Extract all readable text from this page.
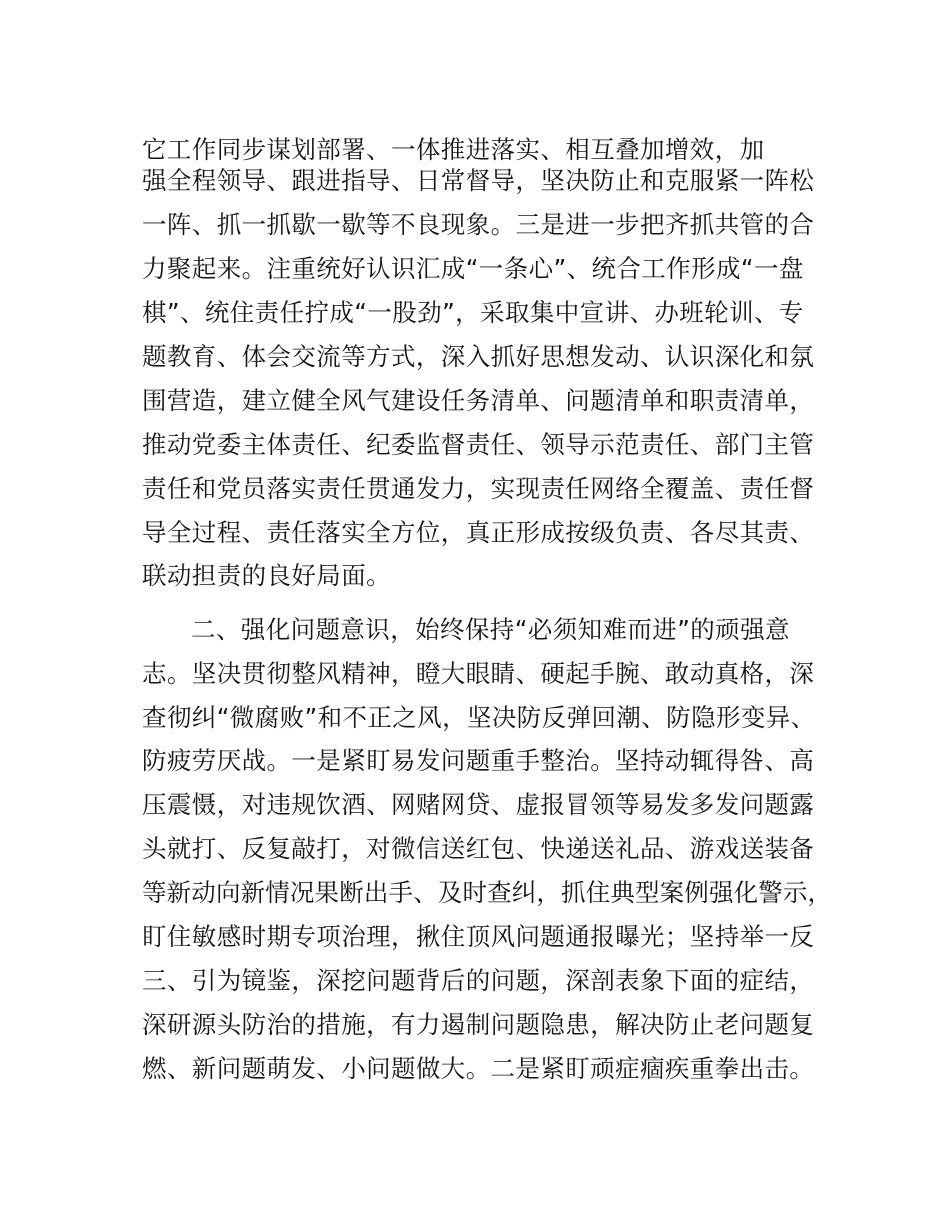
它工作同步谋划部署、一体推进落实、相互叠加增效，加
强全程领导、跟进指导、日常督导，坚决防止和克服紧一阵松
一阵、抓一抓歇一歇等不良现象。三是进一步把齐抓共管的合
力聚起来。注重统好认识汇成“一条心”、统合工作形成“一盘
棋”、统住责任拧成“一股劲”，采取集中宣讲、办班轮训、专
题教育、体会交流等方式，深入抓好思想发动、认识深化和氛
围营造，建立健全风气建设任务清单、问题清单和职责清单，
推动党委主体责任、纪委监督责任、领导示范责任、部门主管
责任和党员落实责任贯通发力，实现责任网络全覆盖、责任督
导全过程、责任落实全方位，真正形成按级负责、各尽其责、
联动担责的良好局面。
二、强化问题意识，始终保持“必须知难而进”的顽强意
志。坚决贯彻整风精神，瞪大眼睛、硬起手腕、敢动真格，深
查彻纠“微腐败”和不正之风，坚决防反弹回潮、防隐形变异、
防疲劳厌战。一是紧盯易发问题重手整治。坚持动辄得咎、高
压震慑，对违规饮酒、网赌网贷、虚报冒领等易发多发问题露
头就打、反复敲打，对微信送红包、快递送礼品、游戏送装备
等新动向新情况果断出手、及时查纠，抓住典型案例强化警示，
盯住敏感时期专项治理，揪住顶风问题通报曝光；坚持举一反
三、引为镜鉴，深挖问题背后的问题，深剖表象下面的症结，
深研源头防治的措施，有力遏制问题隐患，解决防止老问题复
燃、新问题萌发、小问题做大。二是紧盯顽症痼疾重拳出击。
